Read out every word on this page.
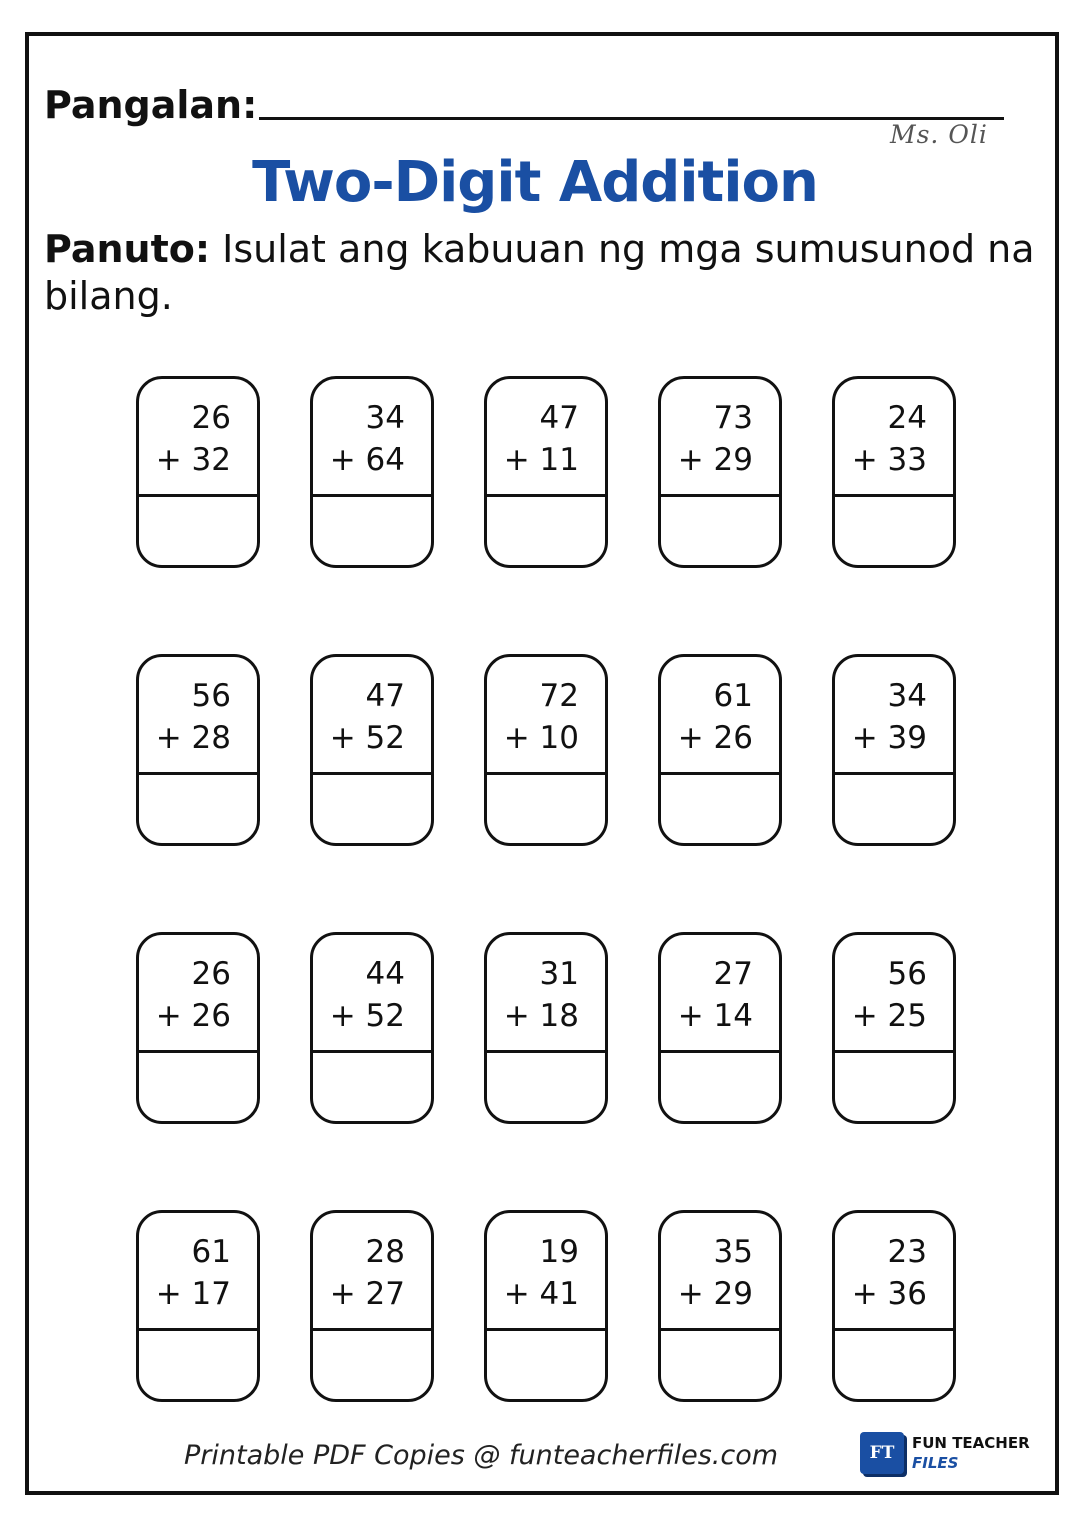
Pangalan:
Ms. Oli
Two-Digit Addition
Panuto: Isulat ang kabuuan ng mga sumusunod na bilang.
26
+ 32
34
+ 64
47
+ 11
73
+ 29
24
+ 33
56
+ 28
47
+ 52
72
+ 10
61
+ 26
34
+ 39
26
+ 26
44
+ 52
31
+ 18
27
+ 14
56
+ 25
61
+ 17
28
+ 27
19
+ 41
35
+ 29
23
+ 36
Printable PDF Copies @ funteacherfiles.com	FT	FUN TEACHER
FILES
